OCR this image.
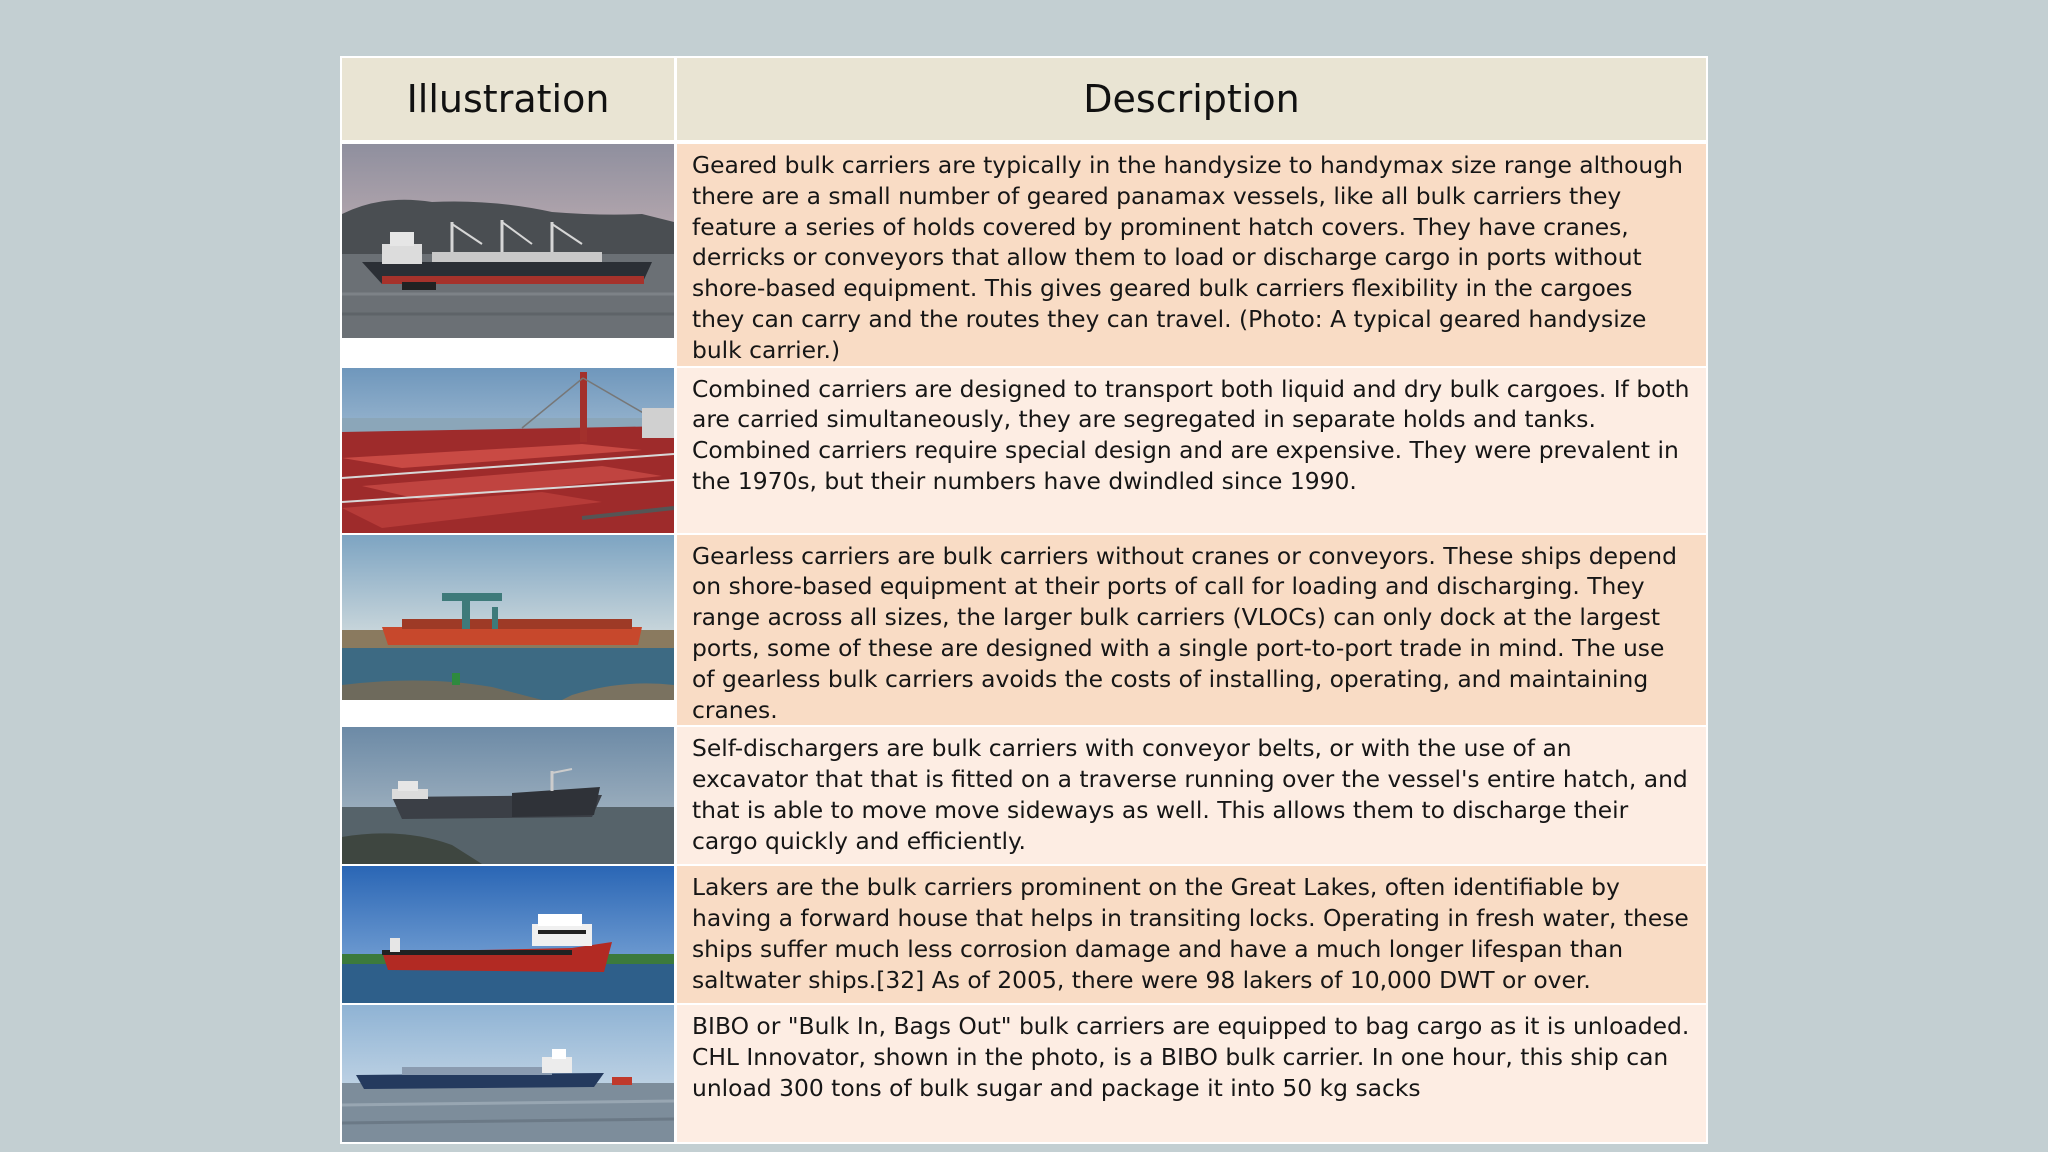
Illustration	Description

	Geared bulk carriers are typically in the handysize to handymax size range although there are a small number of geared panamax vessels, like all bulk carriers they feature a series of holds covered by prominent hatch covers. They have cranes, derricks or conveyors that allow them to load or discharge cargo in ports without shore-based equipment. This gives geared bulk carriers flexibility in the cargoes they can carry and the routes they can travel. (Photo: A typical geared handysize bulk carrier.)

	Combined carriers are designed to transport both liquid and dry bulk cargoes. If both are carried simultaneously, they are segregated in separate holds and tanks. Combined carriers require special design and are expensive. They were prevalent in the 1970s, but their numbers have dwindled since 1990.

	Gearless carriers are bulk carriers without cranes or conveyors. These ships depend on shore-based equipment at their ports of call for loading and discharging. They range across all sizes, the larger bulk carriers (VLOCs) can only dock at the largest ports, some of these are designed with a single port-to-port trade in mind. The use of gearless bulk carriers avoids the costs of installing, operating, and maintaining cranes.

	Self-dischargers are bulk carriers with conveyor belts, or with the use of an excavator that that is fitted on a traverse running over the vessel's entire hatch, and that is able to move move sideways as well. This allows them to discharge their cargo quickly and efficiently.

	Lakers are the bulk carriers prominent on the Great Lakes, often identifiable by having a forward house that helps in transiting locks. Operating in fresh water, these ships suffer much less corrosion damage and have a much longer lifespan than saltwater ships.[32] As of 2005, there were 98 lakers of 10,000 DWT or over.

	BIBO or "Bulk In, Bags Out" bulk carriers are equipped to bag cargo as it is unloaded. CHL Innovator, shown in the photo, is a BIBO bulk carrier. In one hour, this ship can unload 300 tons of bulk sugar and package it into 50 kg sacks
